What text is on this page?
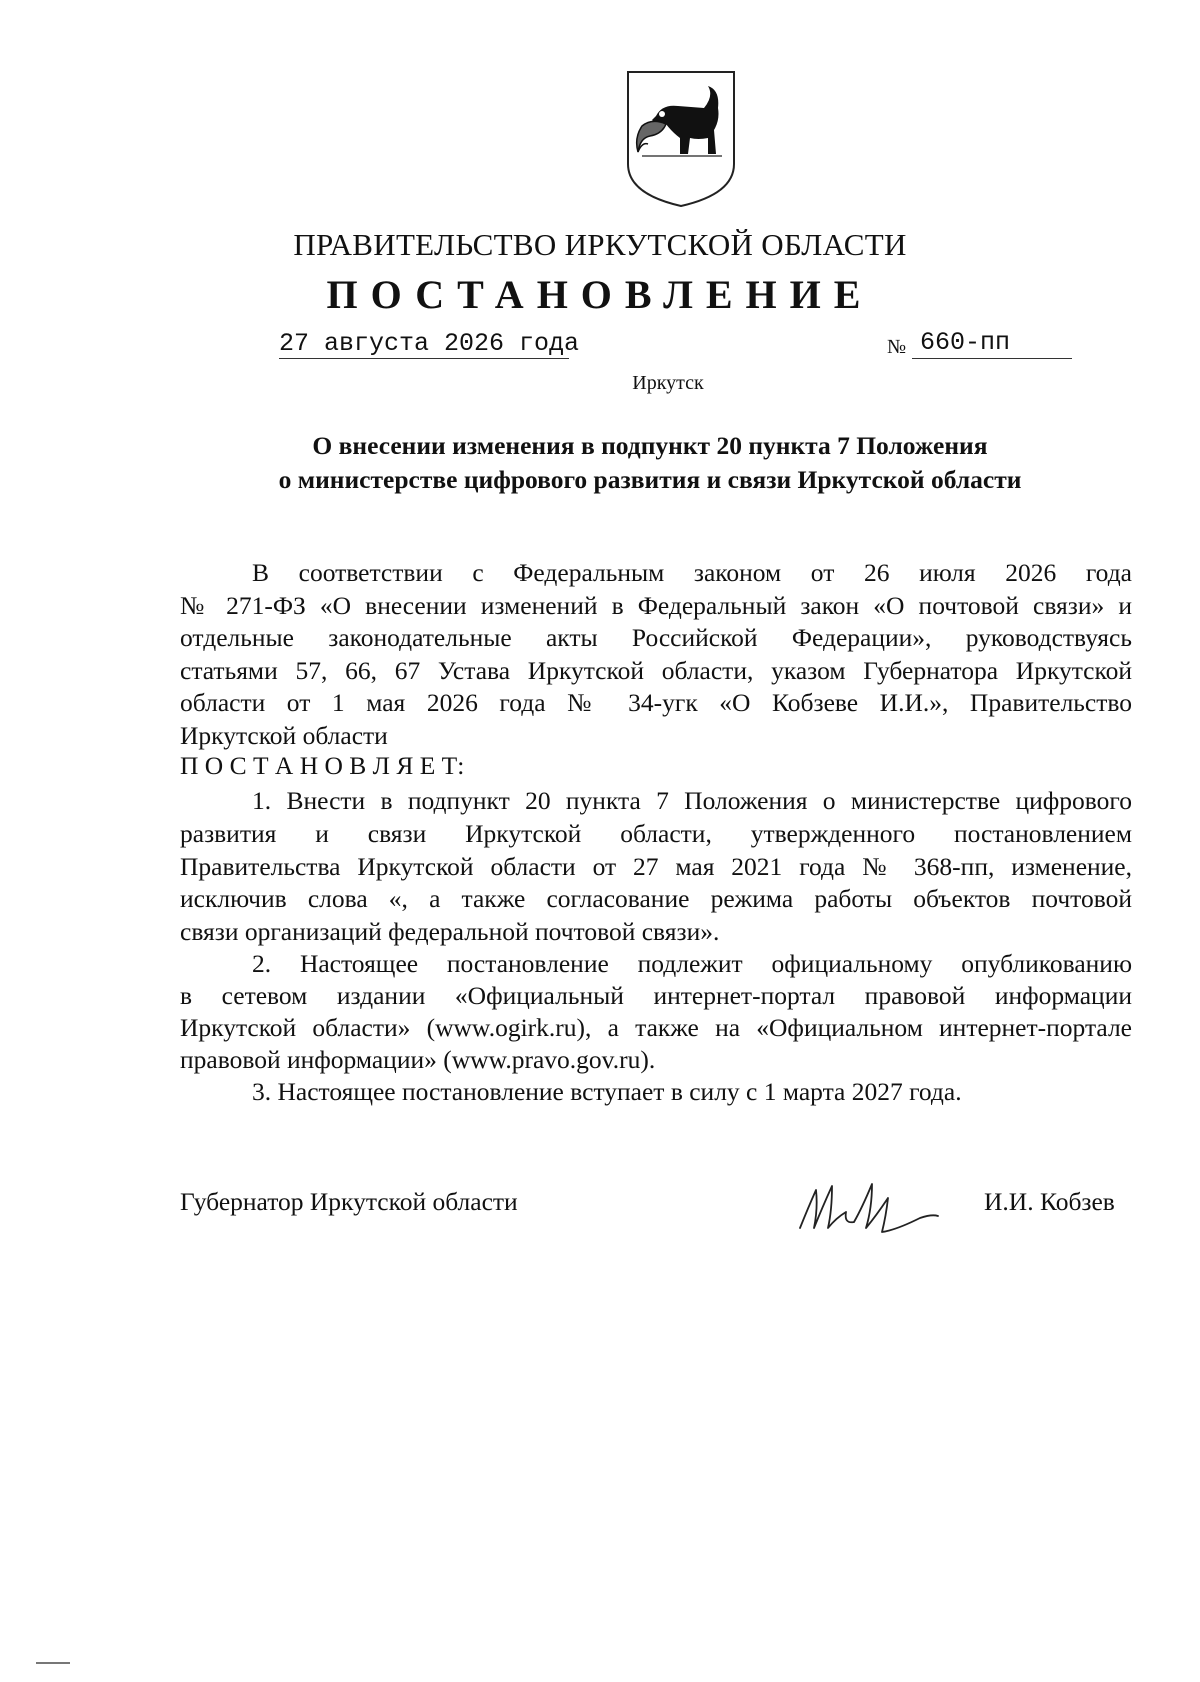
ПРАВИТЕЛЬСТВО ИРКУТСКОЙ ОБЛАСТИ
ПОСТАНОВЛЕНИЕ
27 августа 2026 года	№ 660-пп
Иркутск
О внесении изменения в подпункт 20 пункта 7 Положения
о министерстве цифрового развития и связи Иркутской области
В соответствии с Федеральным законом от 26 июля 2026 года
№ 271-ФЗ «О внесении изменений в Федеральный закон «О почтовой связи» и
отдельные законодательные акты Российской Федерации», руководствуясь
статьями 57, 66, 67 Устава Иркутской области, указом Губернатора Иркутской
области от 1 мая 2026 года № 34-угк «О Кобзеве И.И.», Правительство
Иркутской области
П О С Т А Н О В Л Я Е Т:
1. Внести в подпункт 20 пункта 7 Положения о министерстве цифрового
развития и связи Иркутской области, утвержденного постановлением
Правительства Иркутской области от 27 мая 2021 года № 368-пп, изменение,
исключив слова «, а также согласование режима работы объектов почтовой
связи организаций федеральной почтовой связи».
2. Настоящее постановление подлежит официальному опубликованию
в сетевом издании «Официальный интернет-портал правовой информации
Иркутской области» (www.ogirk.ru), а также на «Официальном интернет-портале
правовой информации» (www.pravo.gov.ru).
3. Настоящее постановление вступает в силу с 1 марта 2027 года.
Губернатор Иркутской области	И.И. Кобзев
